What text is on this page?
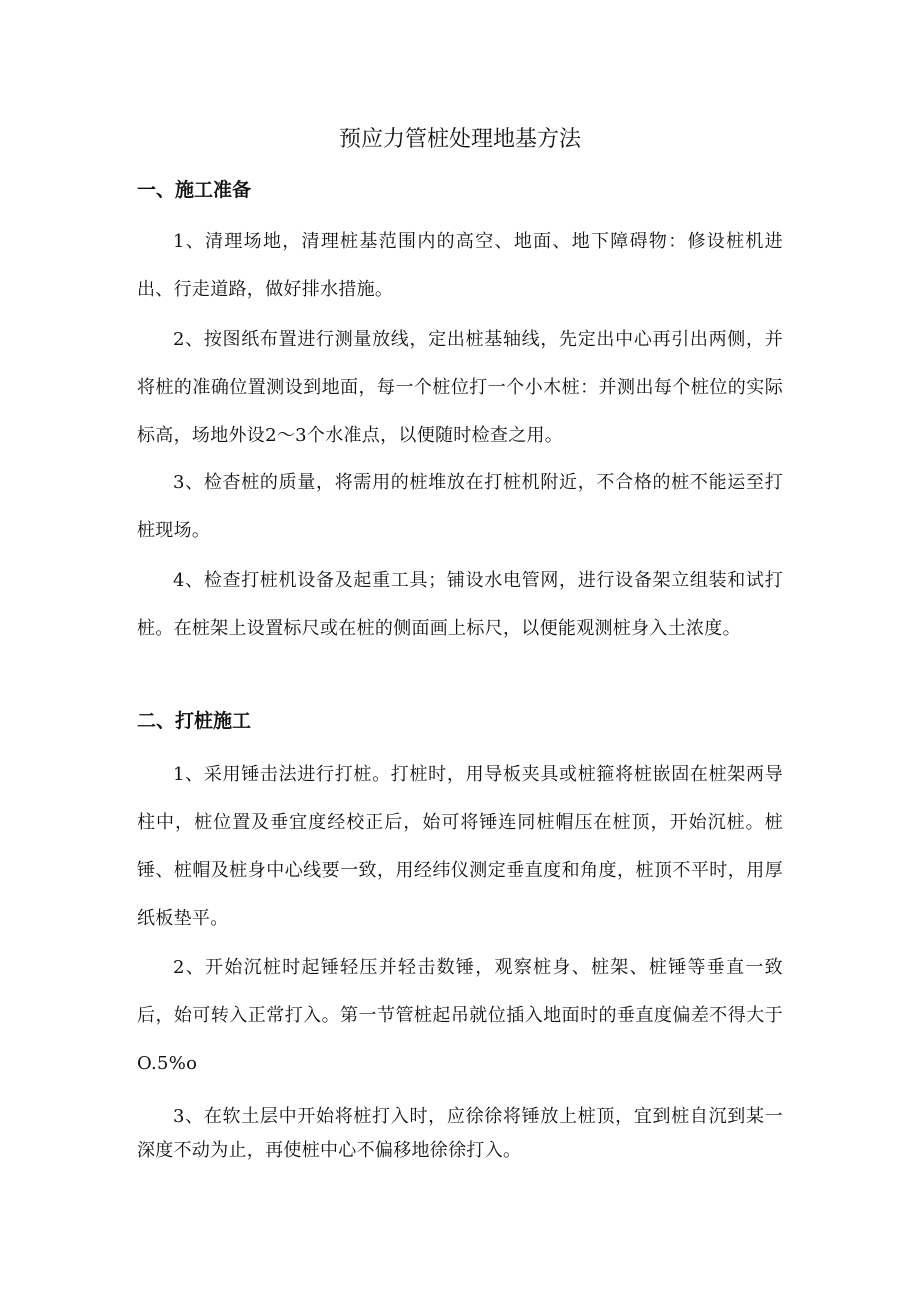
预应力管桩处理地基方法
一、施工准备

1、清理场地，清理桩基范围内的高空、地面、地下障碍物：修设桩机进出、行走道路，做好排水措施。

2、按图纸布置进行测量放线，定出桩基轴线，先定出中心再引出两侧，并将桩的准确位置测设到地面，每一个桩位打一个小木桩：并测出每个桩位的实际标高，场地外设2～3个水准点，以便随时检查之用。

3、检杳桩的质量，将需用的桩堆放在打桩机附近，不合格的桩不能运至打桩现场。

4、检查打桩机设备及起重工具；铺设水电管网，进行设备架立组装和试打桩。在桩架上设置标尺或在桩的侧面画上标尺，以便能观测桩身入土浓度。

二、打桩施工

1、采用锤击法进行打桩。打桩时，用导板夹具或桩箍将桩嵌固在桩架两导柱中，桩位置及垂宜度经校正后，始可将锤连同桩帽压在桩顶，开始沉桩。桩锤、桩帽及桩身中心线要一致，用经纬仪测定垂直度和角度，桩顶不平时，用厚纸板垫平。

2、开始沉桩时起锤轻压并轻击数锤，观察桩身、桩架、桩锤等垂直一致后，始可转入正常打入。第一节管桩起吊就位插入地面时的垂直度偏差不得大于O.5%o

3、在软土层中开始将桩打入时，应徐徐将锤放上桩顶，宜到桩自沉到某一深度不动为止，再使桩中心不偏移地徐徐打入。
